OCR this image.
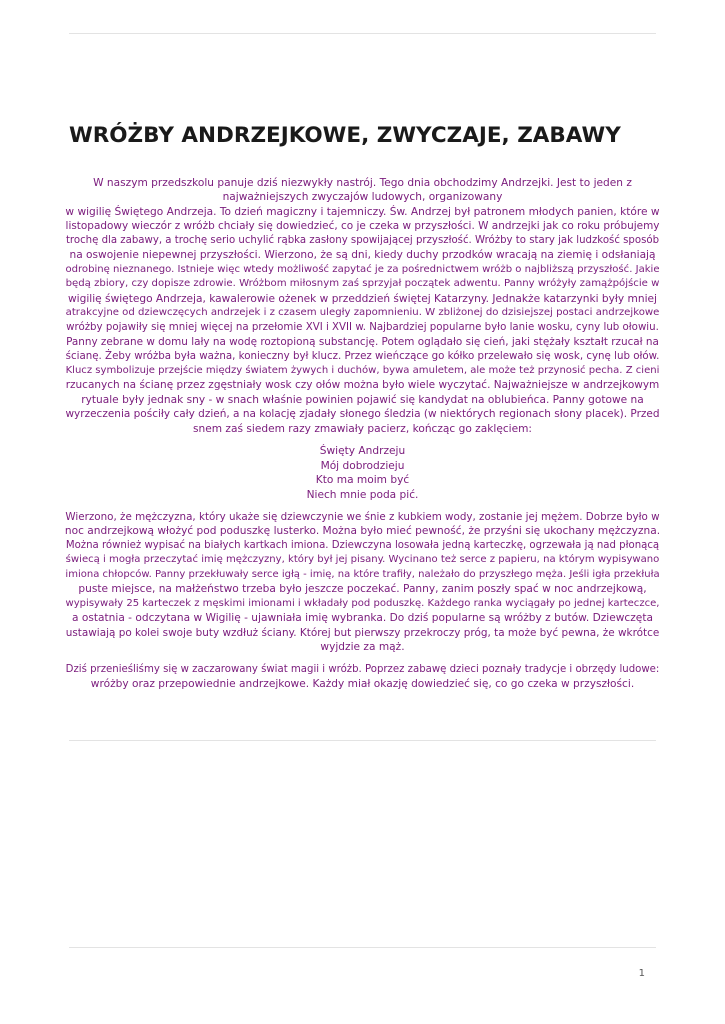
WRÓŻBY ANDRZEJKOWE, ZWYCZAJE, ZABAWY
W naszym przedszkolu panuje dziś niezwykły nastrój. Tego dnia obchodzimy Andrzejki. Jest to jeden z
najważniejszych zwyczajów ludowych, organizowany
w wigilię Świętego Andrzeja. To dzień magiczny i tajemniczy. Św. Andrzej był patronem młodych panien, które w
listopadowy wieczór z wróżb chciały się dowiedzieć, co je czeka w przyszłości. W andrzejki jak co roku próbujemy
trochę dla zabawy, a trochę serio uchylić rąbka zasłony spowijającej przyszłość. Wróżby to stary jak ludzkość sposób
na oswojenie niepewnej przyszłości. Wierzono, że są dni, kiedy duchy przodków wracają na ziemię i odsłaniają
odrobinę nieznanego. Istnieje więc wtedy możliwość zapytać je za pośrednictwem wróżb o najbliższą przyszłość. Jakie
będą zbiory, czy dopisze zdrowie. Wróżbom miłosnym zaś sprzyjał początek adwentu. Panny wróżyły zamążpójście w
wigilię świętego Andrzeja, kawalerowie ożenek w przeddzień świętej Katarzyny. Jednakże katarzynki były mniej
atrakcyjne od dziewczęcych andrzejek i z czasem uległy zapomnieniu. W zbliżonej do dzisiejszej postaci andrzejkowe
wróżby pojawiły się mniej więcej na przełomie XVI i XVII w. Najbardziej popularne było lanie wosku, cyny lub ołowiu.
Panny zebrane w domu lały na wodę roztopioną substancję. Potem oglądało się cień, jaki stężały kształt rzucał na
ścianę. Żeby wróżba była ważna, konieczny był klucz. Przez wieńczące go kółko przelewało się wosk, cynę lub ołów.
Klucz symbolizuje przejście między światem żywych i duchów, bywa amuletem, ale może też przynosić pecha. Z cieni
rzucanych na ścianę przez zgęstniały wosk czy ołów można było wiele wyczytać. Najważniejsze w andrzejkowym
rytuale były jednak sny - w snach właśnie powinien pojawić się kandydat na oblubieńca. Panny gotowe na
wyrzeczenia pościły cały dzień, a na kolację zjadały słonego śledzia (w niektórych regionach słony placek). Przed
snem zaś siedem razy zmawiały pacierz, kończąc go zaklęciem:
Święty Andrzeju
Mój dobrodzieju
Kto ma moim być
Niech mnie poda pić.
Wierzono, że mężczyzna, który ukaże się dziewczynie we śnie z kubkiem wody, zostanie jej mężem. Dobrze było w
noc andrzejkową włożyć pod poduszkę lusterko. Można było mieć pewność, że przyśni się ukochany mężczyzna.
Można również wypisać na białych kartkach imiona. Dziewczyna losowała jedną karteczkę, ogrzewała ją nad płonącą
świecą i mogła przeczytać imię mężczyzny, który był jej pisany. Wycinano też serce z papieru, na którym wypisywano
imiona chłopców. Panny przekłuwały serce igłą - imię, na które trafiły, należało do przyszłego męża. Jeśli igła przekłuła
puste miejsce, na małżeństwo trzeba było jeszcze poczekać. Panny, zanim poszły spać w noc andrzejkową,
wypisywały 25 karteczek z męskimi imionami i wkładały pod poduszkę. Każdego ranka wyciągały po jednej karteczce,
a ostatnia - odczytana w Wigilię - ujawniała imię wybranka. Do dziś popularne są wróżby z butów. Dziewczęta
ustawiają po kolei swoje buty wzdłuż ściany. Której but pierwszy przekroczy próg, ta może być pewna, że wkrótce
wyjdzie za mąż.
Dziś przenieśliśmy się w zaczarowany świat magii i wróżb. Poprzez zabawę dzieci poznały tradycje i obrzędy ludowe:
wróżby oraz przepowiednie andrzejkowe. Każdy miał okazję dowiedzieć się, co go czeka w przyszłości.
1
